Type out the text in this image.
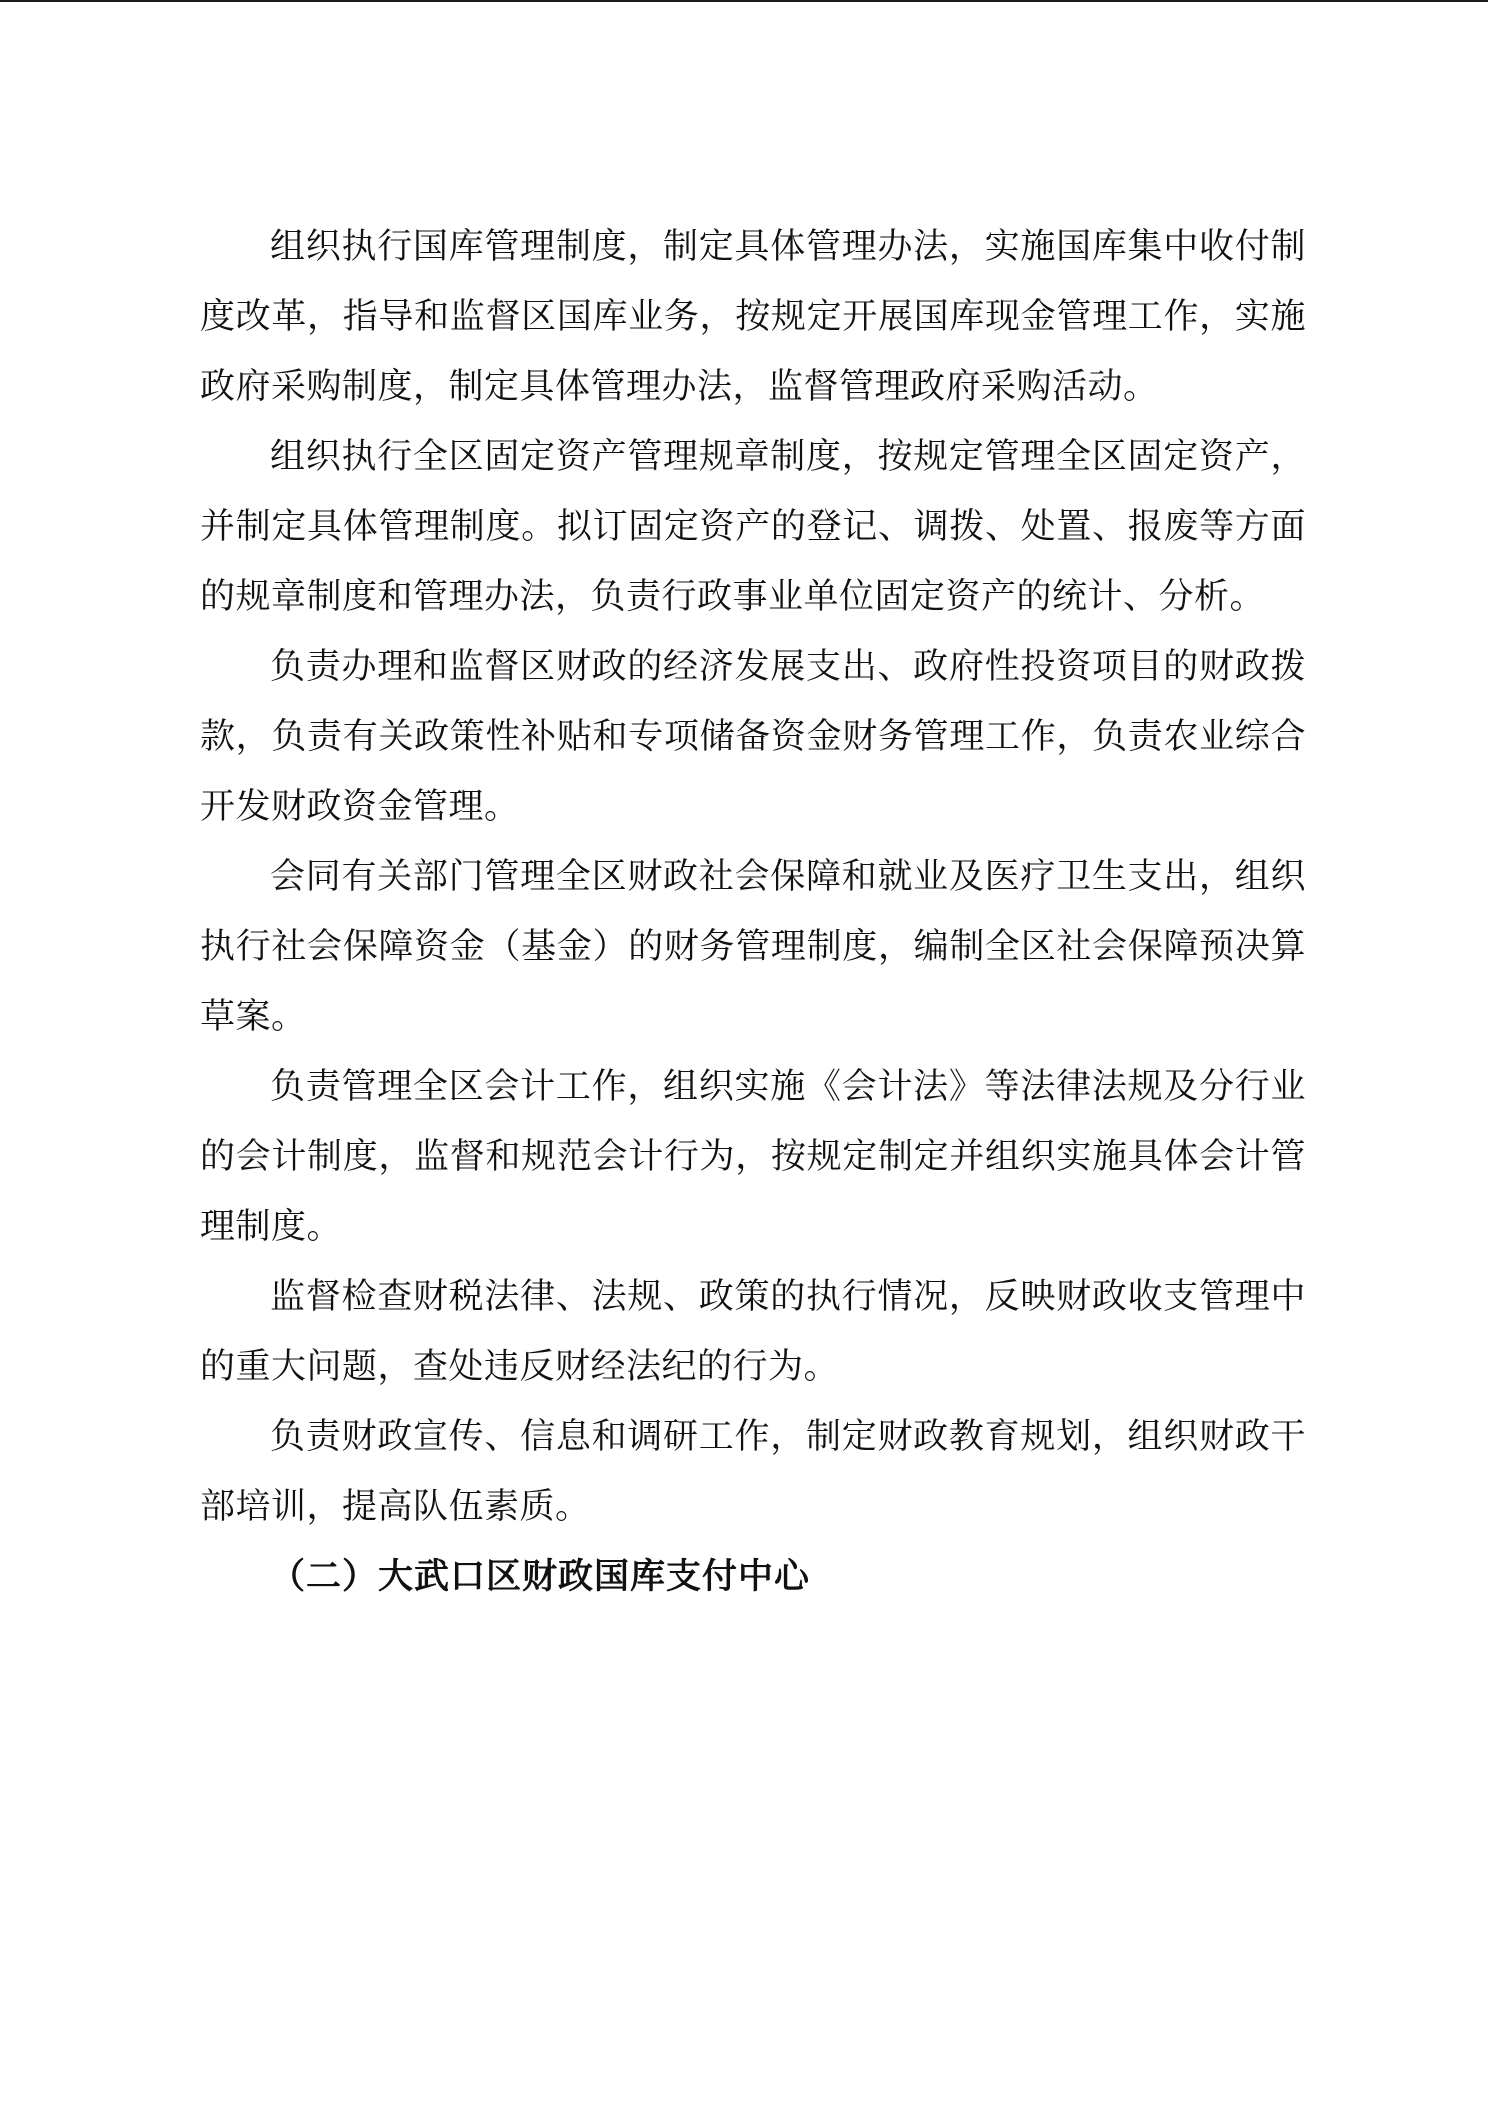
组织执行国库管理制度，制定具体管理办法，实施国库集中收付制度改革，指导和监督区国库业务，按规定开展国库现金管理工作，实施政府采购制度，制定具体管理办法，监督管理政府采购活动。

组织执行全区固定资产管理规章制度，按规定管理全区固定资产，并制定具体管理制度。拟订固定资产的登记、调拨、处置、报废等方面的规章制度和管理办法，负责行政事业单位固定资产的统计、分析。

负责办理和监督区财政的经济发展支出、政府性投资项目的财政拨款，负责有关政策性补贴和专项储备资金财务管理工作，负责农业综合开发财政资金管理。

会同有关部门管理全区财政社会保障和就业及医疗卫生支出，组织执行社会保障资金（基金）的财务管理制度，编制全区社会保障预决算草案。

负责管理全区会计工作，组织实施《会计法》等法律法规及分行业的会计制度，监督和规范会计行为，按规定制定并组织实施具体会计管理制度。

监督检查财税法律、法规、政策的执行情况，反映财政收支管理中的重大问题，查处违反财经法纪的行为。

负责财政宣传、信息和调研工作，制定财政教育规划，组织财政干部培训，提高队伍素质。

（二）大武口区财政国库支付中心
